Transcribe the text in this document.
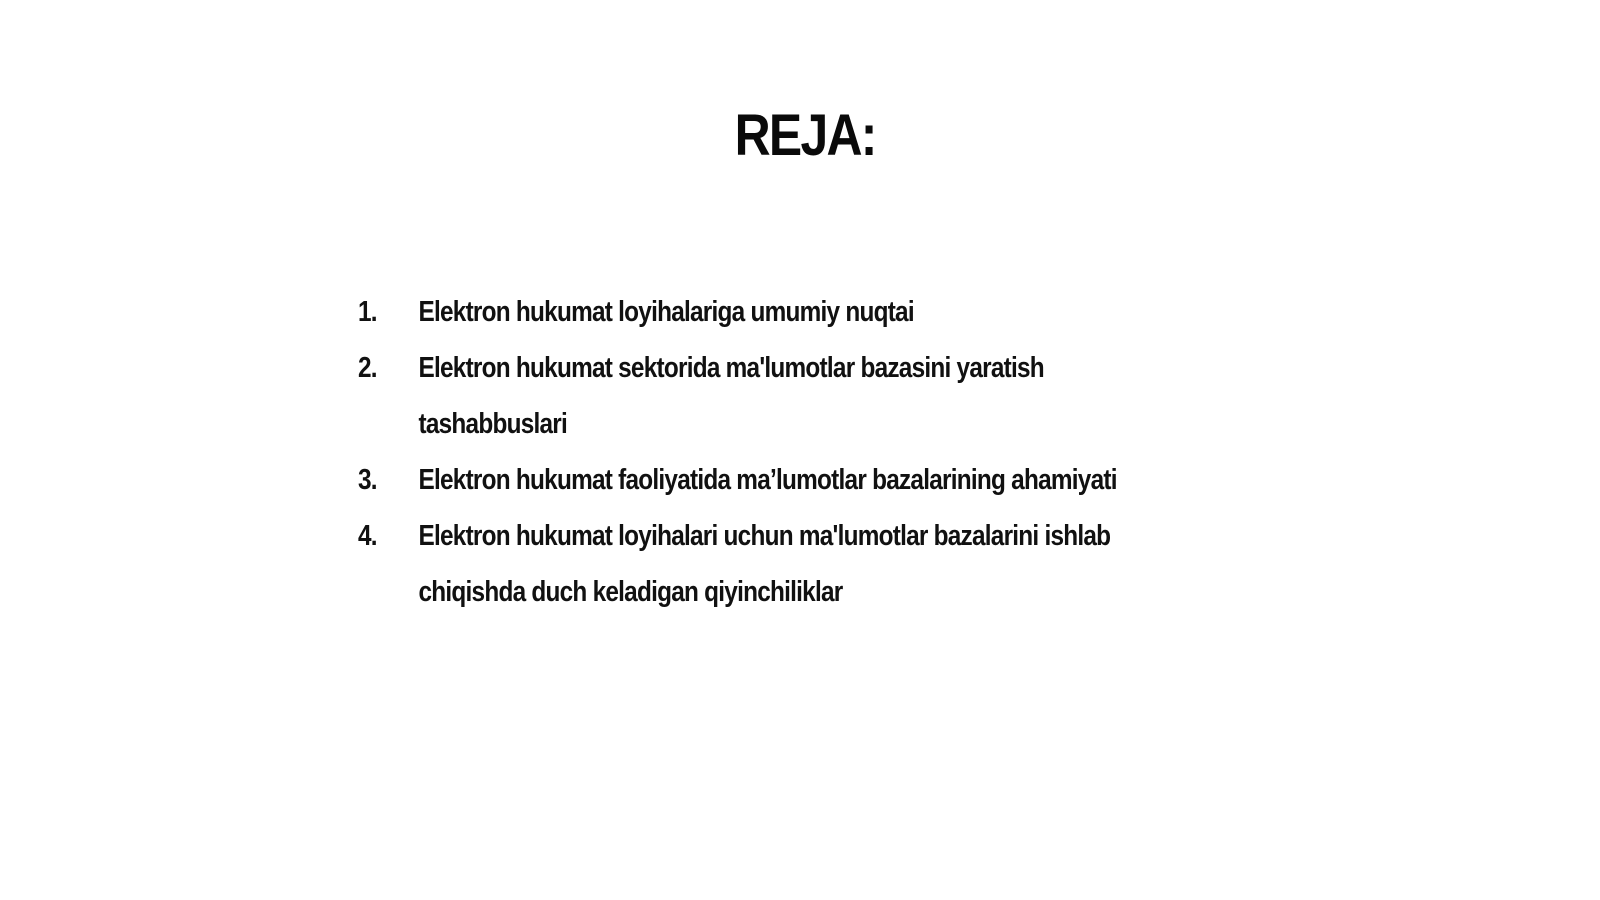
REJA:
1.	Elektron hukumat loyihalariga umumiy nuqtai
2.	Elektron hukumat sektorida ma'lumotlar bazasini yaratish tashabbuslari
3.	Elektron hukumat faoliyatida ma’lumotlar bazalarining ahamiyati
4.	Elektron hukumat loyihalari uchun ma'lumotlar bazalarini ishlab chiqishda duch keladigan qiyinchiliklar
